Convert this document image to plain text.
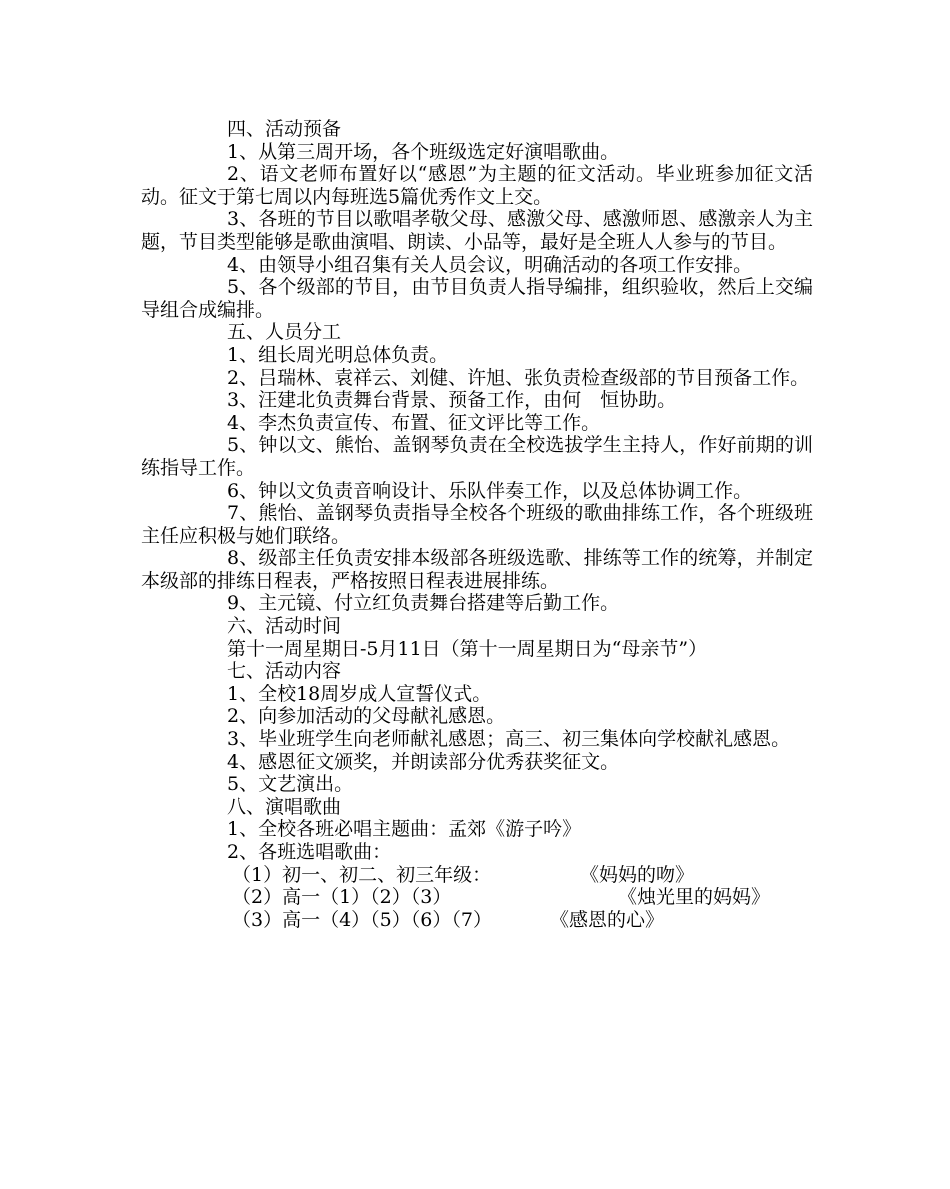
四、活动预备

1、从第三周开场，各个班级选定好演唱歌曲。

2、语文老师布置好以“感恩”为主题的征文活动。毕业班参加征文活动。征文于第七周以内每班选5篇优秀作文上交。

3、各班的节目以歌唱孝敬父母、感激父母、感激师恩、感激亲人为主题，节目类型能够是歌曲演唱、朗读、小品等，最好是全班人人参与的节目。

4、由领导小组召集有关人员会议，明确活动的各项工作安排。

5、各个级部的节目，由节目负责人指导编排，组织验收，然后上交编导组合成编排。

五、人员分工

1、组长周光明总体负责。

2、吕瑞林、袁祥云、刘健、许旭、张负责检查级部的节目预备工作。

3、汪建北负责舞台背景、预备工作，由何　恒协助。

4、李杰负责宣传、布置、征文评比等工作。

5、钟以文、熊怡、盖钢琴负责在全校选拔学生主持人，作好前期的训练指导工作。

6、钟以文负责音响设计、乐队伴奏工作，以及总体协调工作。

7、熊怡、盖钢琴负责指导全校各个班级的歌曲排练工作，各个班级班主任应积极与她们联络。

8、级部主任负责安排本级部各班级选歌、排练等工作的统筹，并制定本级部的排练日程表，严格按照日程表进展排练。

9、主元镜、付立红负责舞台搭建等后勤工作。

六、活动时间

第十一周星期日-5月11日（第十一周星期日为“母亲节”）

七、活动内容

1、全校18周岁成人宣誓仪式。

2、向参加活动的父母献礼感恩。

3、毕业班学生向老师献礼感恩；高三、初三集体向学校献礼感恩。

4、感恩征文颁奖，并朗读部分优秀获奖征文。

5、文艺演出。

八、演唱歌曲

1、全校各班必唱主题曲：孟郊《游子吟》

2、各班选唱歌曲：

（1）初一、初二、初三年级：

	《妈妈的吻》

（2）高一（1）（2）（3）

	《烛光里的妈妈》

（3）高一（4）（5）（6）（7）

	《感恩的心》
